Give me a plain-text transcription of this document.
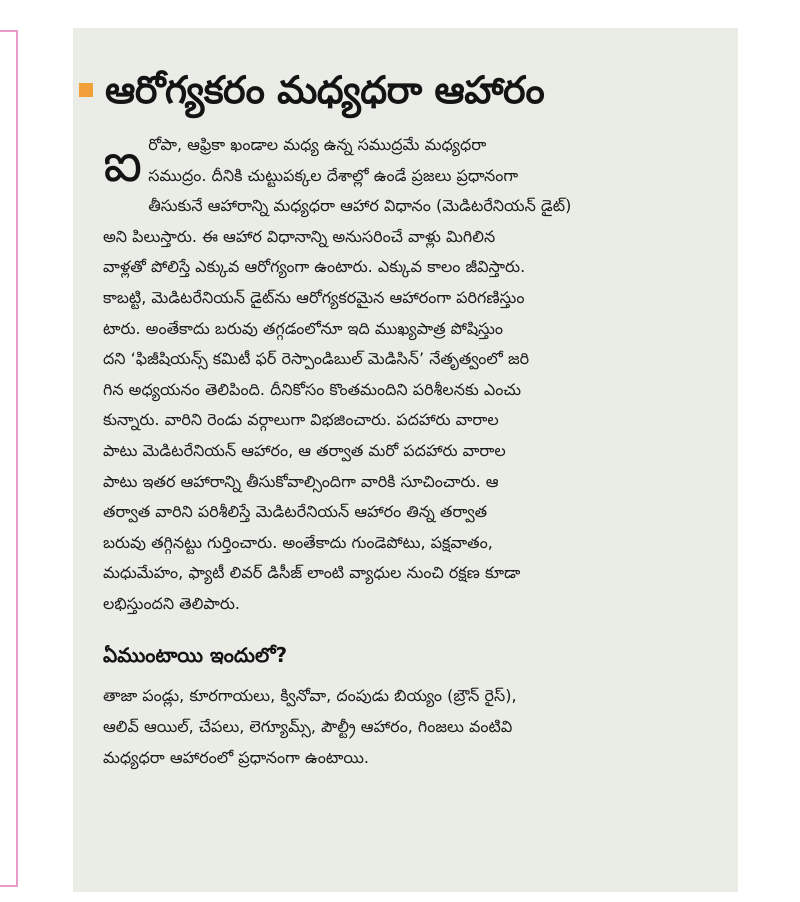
ఆరోగ్యకరం మధ్యధరా ఆహారం
ఐ రోపా, ఆఫ్రికా ఖండాల మధ్య ఉన్న సముద్రమే మధ్యధరా
సముద్రం. దీనికి చుట్టుపక్కల దేశాల్లో ఉండే ప్రజలు ప్రధానంగా
తీసుకునే ఆహారాన్ని మధ్యధరా ఆహార విధానం (మెడిటరేనియన్ డైట్)
అని పిలుస్తారు. ఈ ఆహార విధానాన్ని అనుసరించే వాళ్లు మిగిలిన
వాళ్లతో పోలిస్తే ఎక్కువ ఆరోగ్యంగా ఉంటారు. ఎక్కువ కాలం జీవిస్తారు.
కాబట్టి, మెడిటరేనియన్ డైట్‌ను ఆరోగ్యకరమైన ఆహారంగా పరిగణిస్తుం
టారు. అంతేకాదు బరువు తగ్గడంలోనూ ఇది ముఖ్యపాత్ర పోషిస్తుం
దని ‘ఫిజీషియన్స్ కమిటీ ఫర్ రెస్పాండిబుల్ మెడిసిన్’ నేతృత్వంలో జరి
గిన అధ్యయనం తెలిపింది. దీనికోసం కొంతమందిని పరిశీలనకు ఎంచు
కున్నారు. వారిని రెండు వర్గాలుగా విభజించారు. పదహారు వారాల
పాటు మెడిటరేనియన్ ఆహారం, ఆ తర్వాత మరో పదహారు వారాల
పాటు ఇతర ఆహారాన్ని తీసుకోవాల్సిందిగా వారికి సూచించారు. ఆ
తర్వాత వారిని పరిశీలిస్తే మెడిటరేనియన్ ఆహారం తిన్న తర్వాత
బరువు తగ్గినట్టు గుర్తించారు. అంతేకాదు గుండెపోటు, పక్షవాతం,
మధుమేహం, ఫ్యాటీ లివర్ డిసీజ్ లాంటి వ్యాధుల నుంచి రక్షణ కూడా
లభిస్తుందని తెలిపారు.

ఏముంటాయి ఇందులో?

తాజా పండ్లు, కూరగాయలు, క్వినోవా, దంపుడు బియ్యం (బ్రౌన్ రైస్),
ఆలివ్ ఆయిల్, చేపలు, లెగ్యూమ్స్, పౌల్ట్రీ ఆహారం, గింజలు వంటివి
మధ్యధరా ఆహారంలో ప్రధానంగా ఉంటాయి.
